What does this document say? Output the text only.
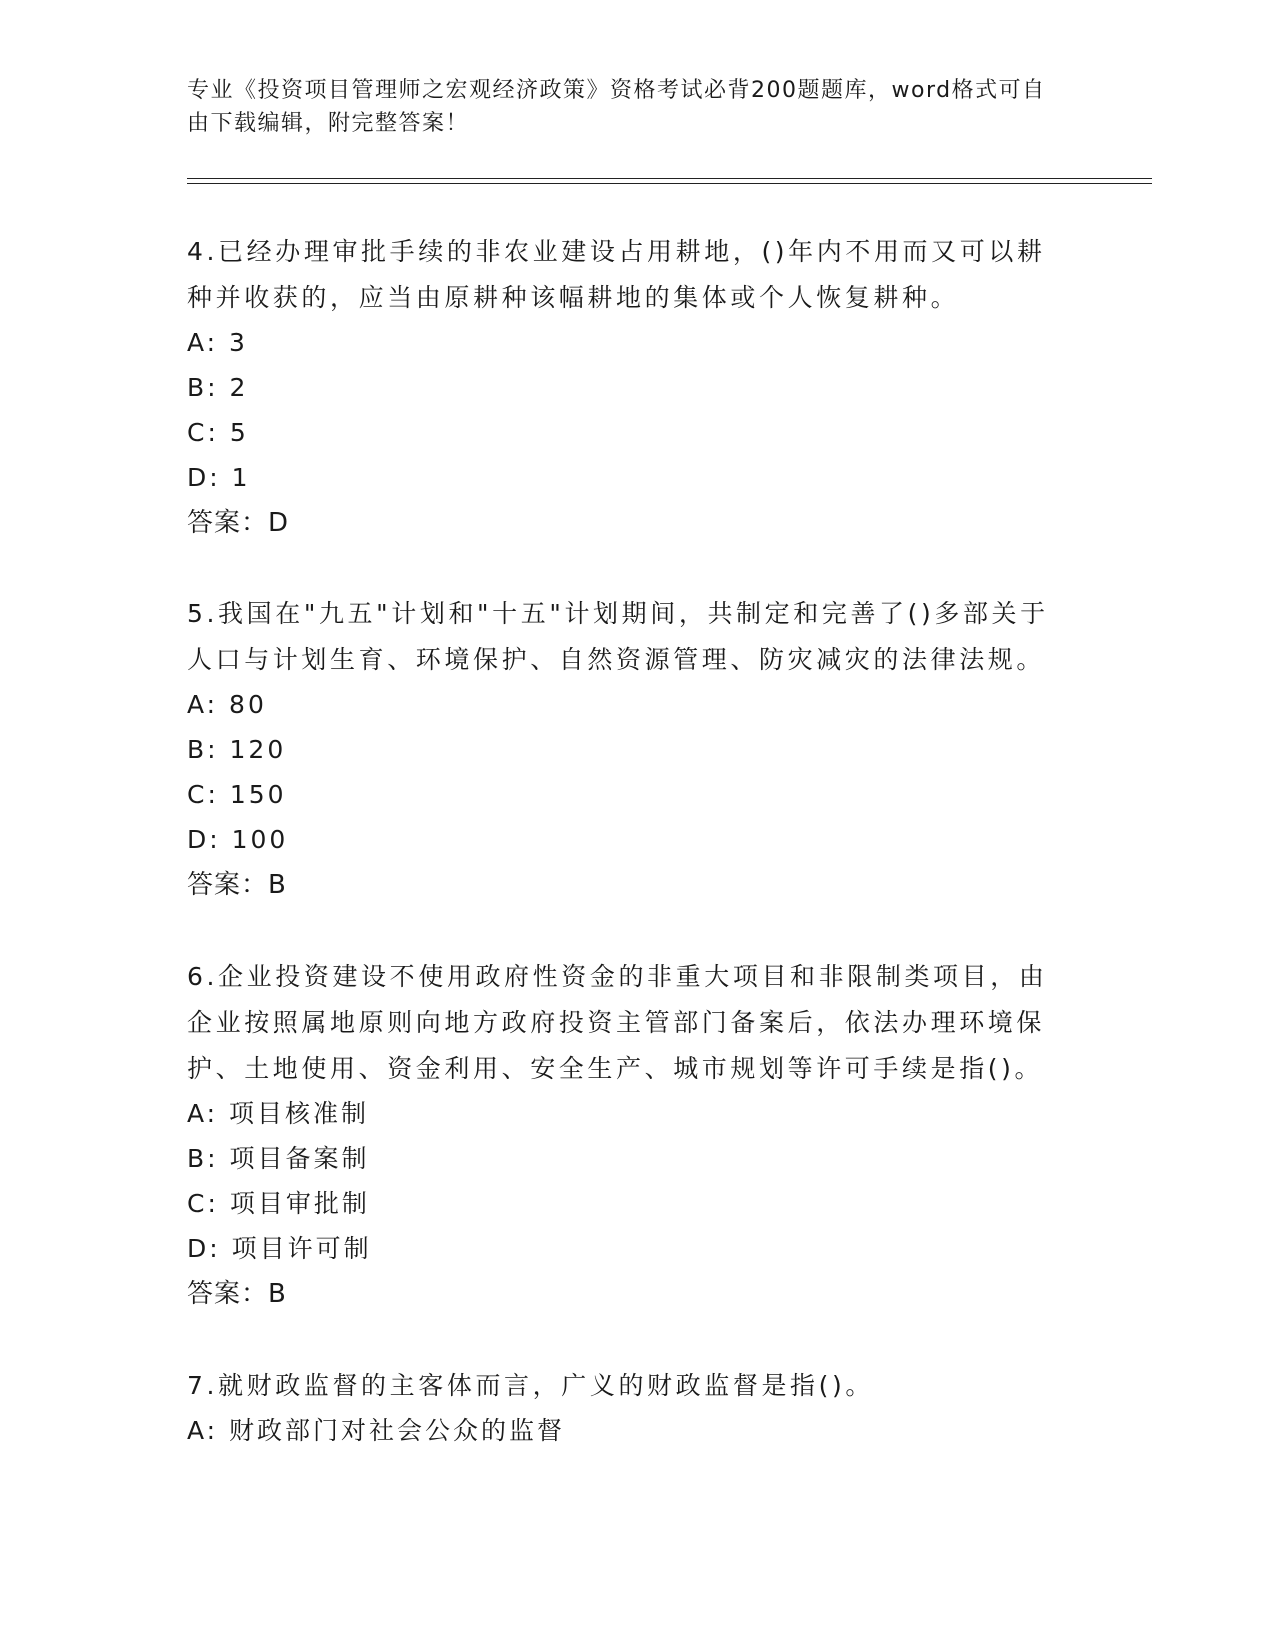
专业《投资项目管理师之宏观经济政策》资格考试必背200题题库，word格式可自由下载编辑，附完整答案！
4.已经办理审批手续的非农业建设占用耕地，()年内不用而又可以耕
种并收获的，应当由原耕种该幅耕地的集体或个人恢复耕种。
A: 3
B: 2
C: 5
D: 1
答案：D
5.我国在"九五"计划和"十五"计划期间，共制定和完善了()多部关于
人口与计划生育、环境保护、自然资源管理、防灾减灾的法律法规。
A: 80
B: 120
C: 150
D: 100
答案：B
6.企业投资建设不使用政府性资金的非重大项目和非限制类项目，由
企业按照属地原则向地方政府投资主管部门备案后，依法办理环境保
护、土地使用、资金利用、安全生产、城市规划等许可手续是指()。
A: 项目核准制
B: 项目备案制
C: 项目审批制
D: 项目许可制
答案：B
7.就财政监督的主客体而言，广义的财政监督是指()。
A: 财政部门对社会公众的监督
